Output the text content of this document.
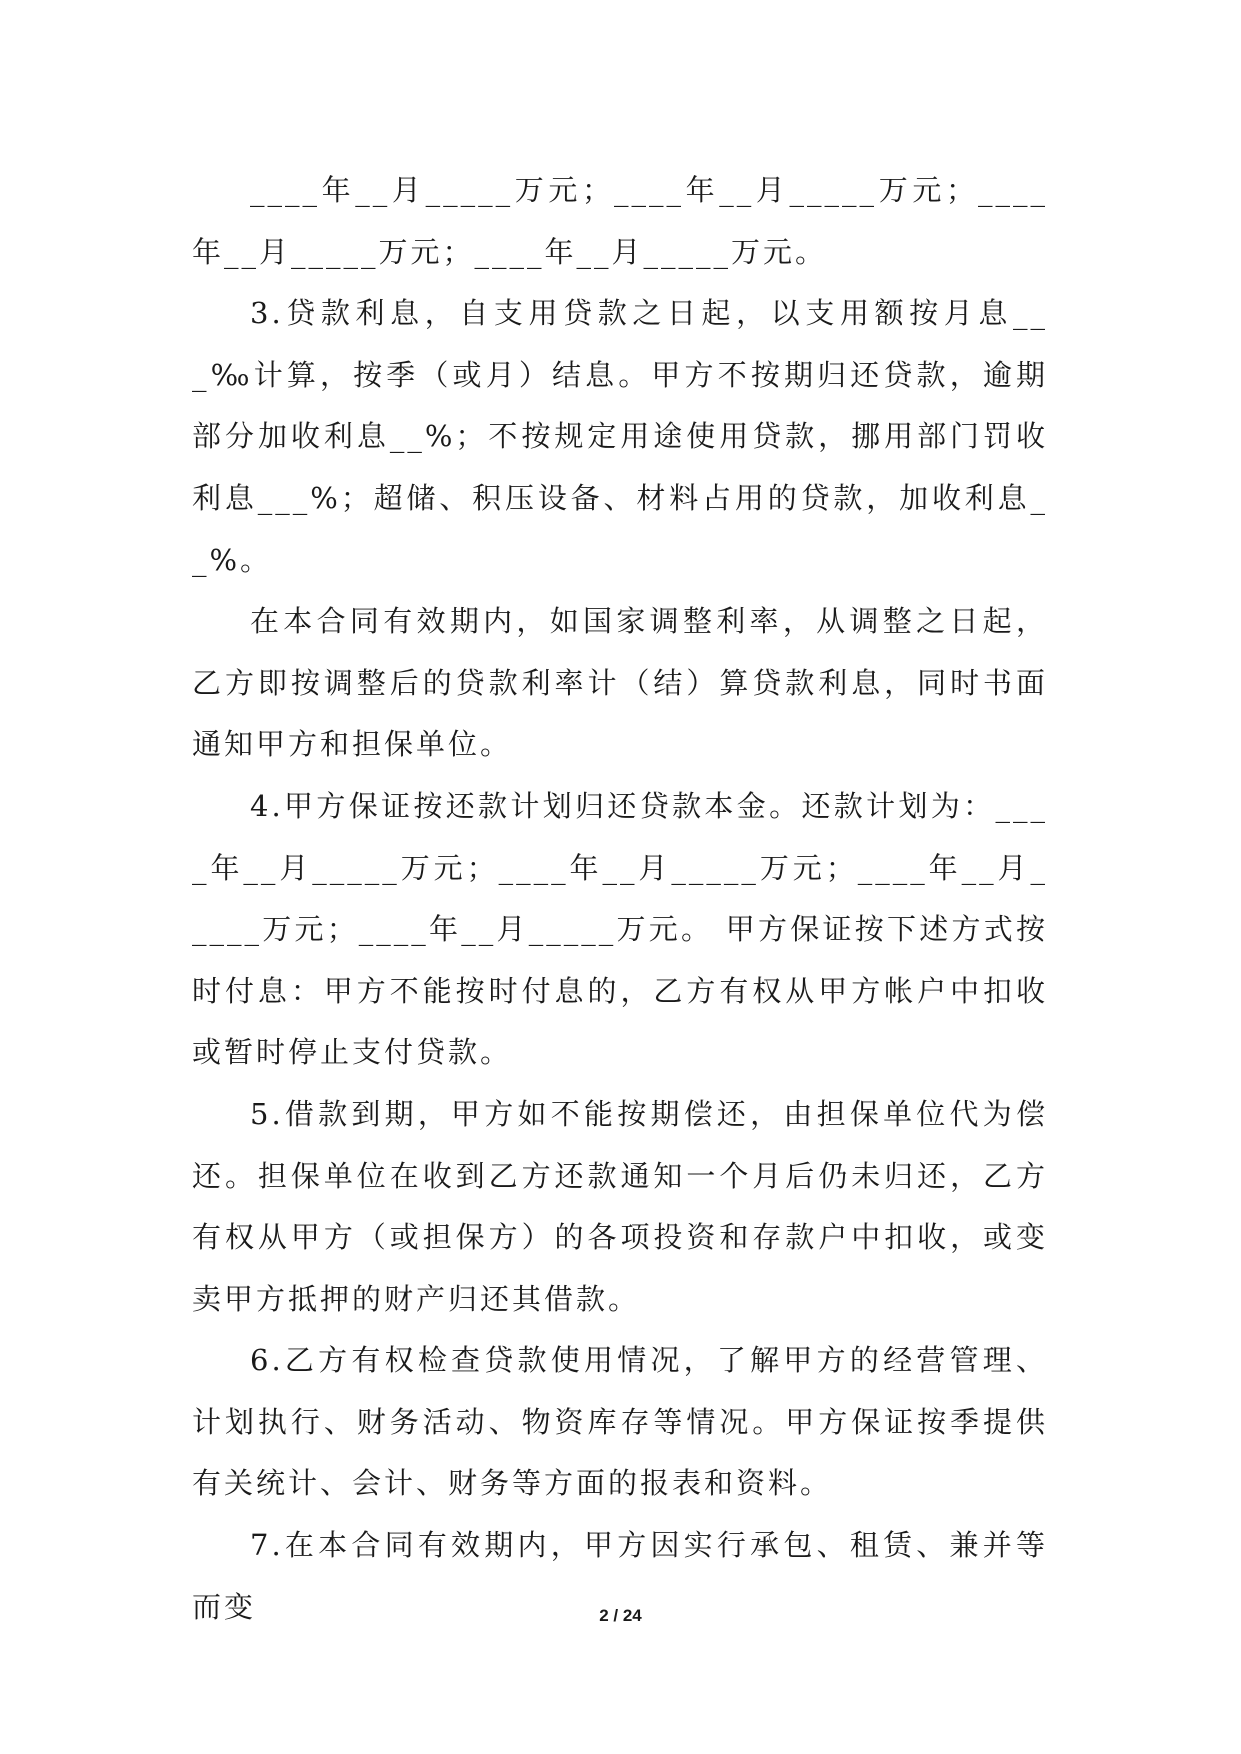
____年__月_____万元；____年__月_____万元；____年__月_____万元；____年__月_____万元。

3.贷款利息，自支用贷款之日起，以支用额按月息___‰计算，按季（或月）结息。甲方不按期归还贷款，逾期部分加收利息__%；不按规定用途使用贷款，挪用部门罚收利息___%；超储、积压设备、材料占用的贷款，加收利息__%。

在本合同有效期内，如国家调整利率，从调整之日起，乙方即按调整后的贷款利率计（结）算贷款利息，同时书面通知甲方和担保单位。

4.甲方保证按还款计划归还贷款本金。还款计划为：____年__月_____万元；____年__月_____万元；____年__月_____万元；____年__月_____万元。 甲方保证按下述方式按时付息：甲方不能按时付息的，乙方有权从甲方帐户中扣收或暂时停止支付贷款。

5.借款到期，甲方如不能按期偿还，由担保单位代为偿还。担保单位在收到乙方还款通知一个月后仍未归还，乙方有权从甲方（或担保方）的各项投资和存款户中扣收，或变卖甲方抵押的财产归还其借款。

6.乙方有权检查贷款使用情况，了解甲方的经营管理、计划执行、财务活动、物资库存等情况。甲方保证按季提供有关统计、会计、财务等方面的报表和资料。

7.在本合同有效期内，甲方因实行承包、租赁、兼并等而变	2 / 24
